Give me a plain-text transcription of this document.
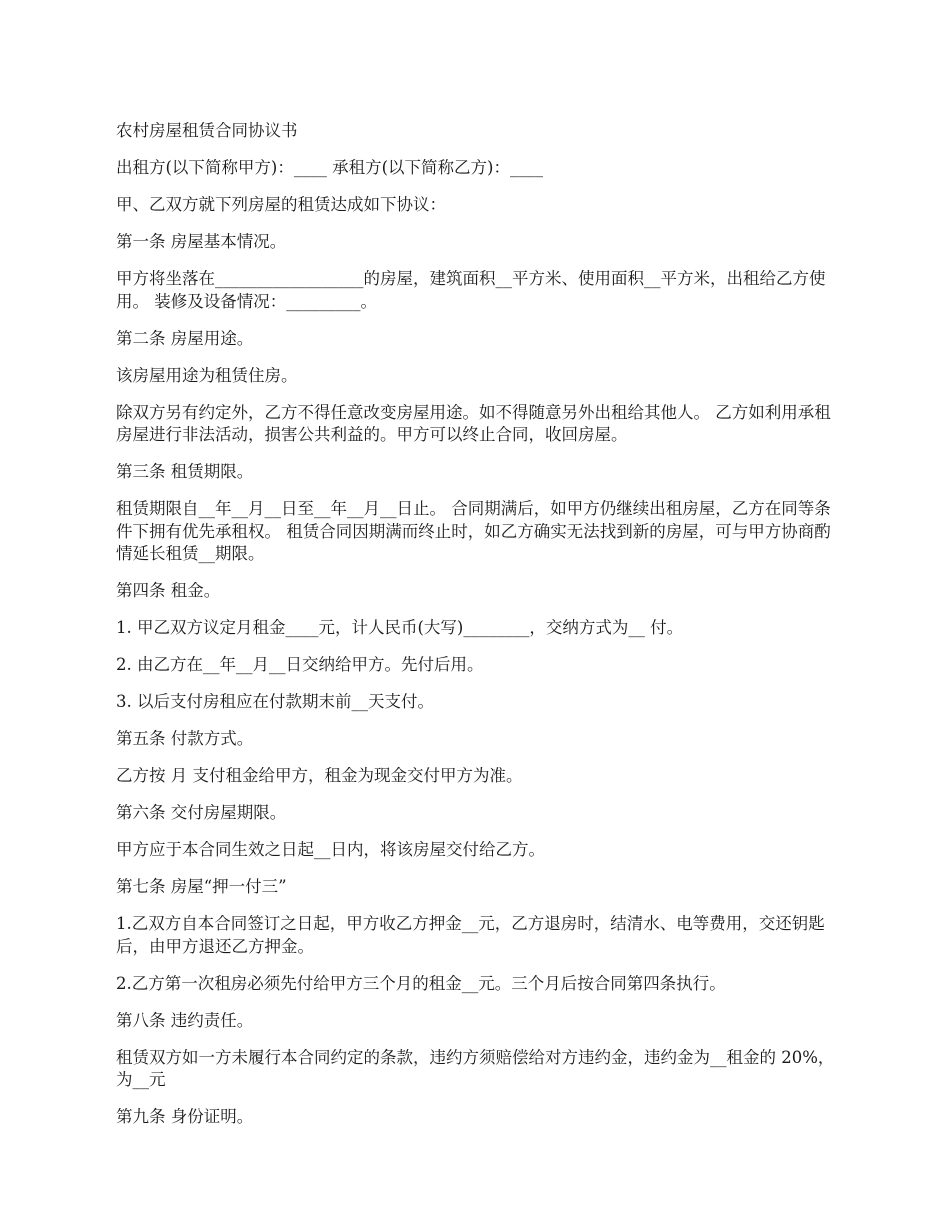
农村房屋租赁合同协议书

出租方(以下简称甲方)：____ 承租方(以下简称乙方)：____

甲、乙双方就下列房屋的租赁达成如下协议：

第一条 房屋基本情况。

甲方将坐落在__________________的房屋，建筑面积__平方米、使用面积__平方米，出租给乙方使用。 装修及设备情况：_________。

第二条 房屋用途。

该房屋用途为租赁住房。

除双方另有约定外，乙方不得任意改变房屋用途。如不得随意另外出租给其他人。 乙方如利用承租房屋进行非法活动，损害公共利益的。甲方可以终止合同，收回房屋。

第三条 租赁期限。

租赁期限自__年__月__日至__年__月__日止。 合同期满后，如甲方仍继续出租房屋，乙方在同等条件下拥有优先承租权。 租赁合同因期满而终止时，如乙方确实无法找到新的房屋，可与甲方协商酌情延长租赁__期限。

第四条 租金。

1. 甲乙双方议定月租金____元，计人民币(大写)________，交纳方式为__ 付。

2. 由乙方在__年__月__日交纳给甲方。先付后用。

3. 以后支付房租应在付款期末前__天支付。

第五条 付款方式。

乙方按 月 支付租金给甲方，租金为现金交付甲方为准。

第六条 交付房屋期限。

甲方应于本合同生效之日起__日内，将该房屋交付给乙方。

第七条 房屋“押一付三”

1.乙双方自本合同签订之日起，甲方收乙方押金__元，乙方退房时，结清水、电等费用，交还钥匙后，由甲方退还乙方押金。

2.乙方第一次租房必须先付给甲方三个月的租金__元。三个月后按合同第四条执行。

第八条 违约责任。

租赁双方如一方未履行本合同约定的条款，违约方须赔偿给对方违约金，违约金为__租金的 20%，为__元

第九条 身份证明。
